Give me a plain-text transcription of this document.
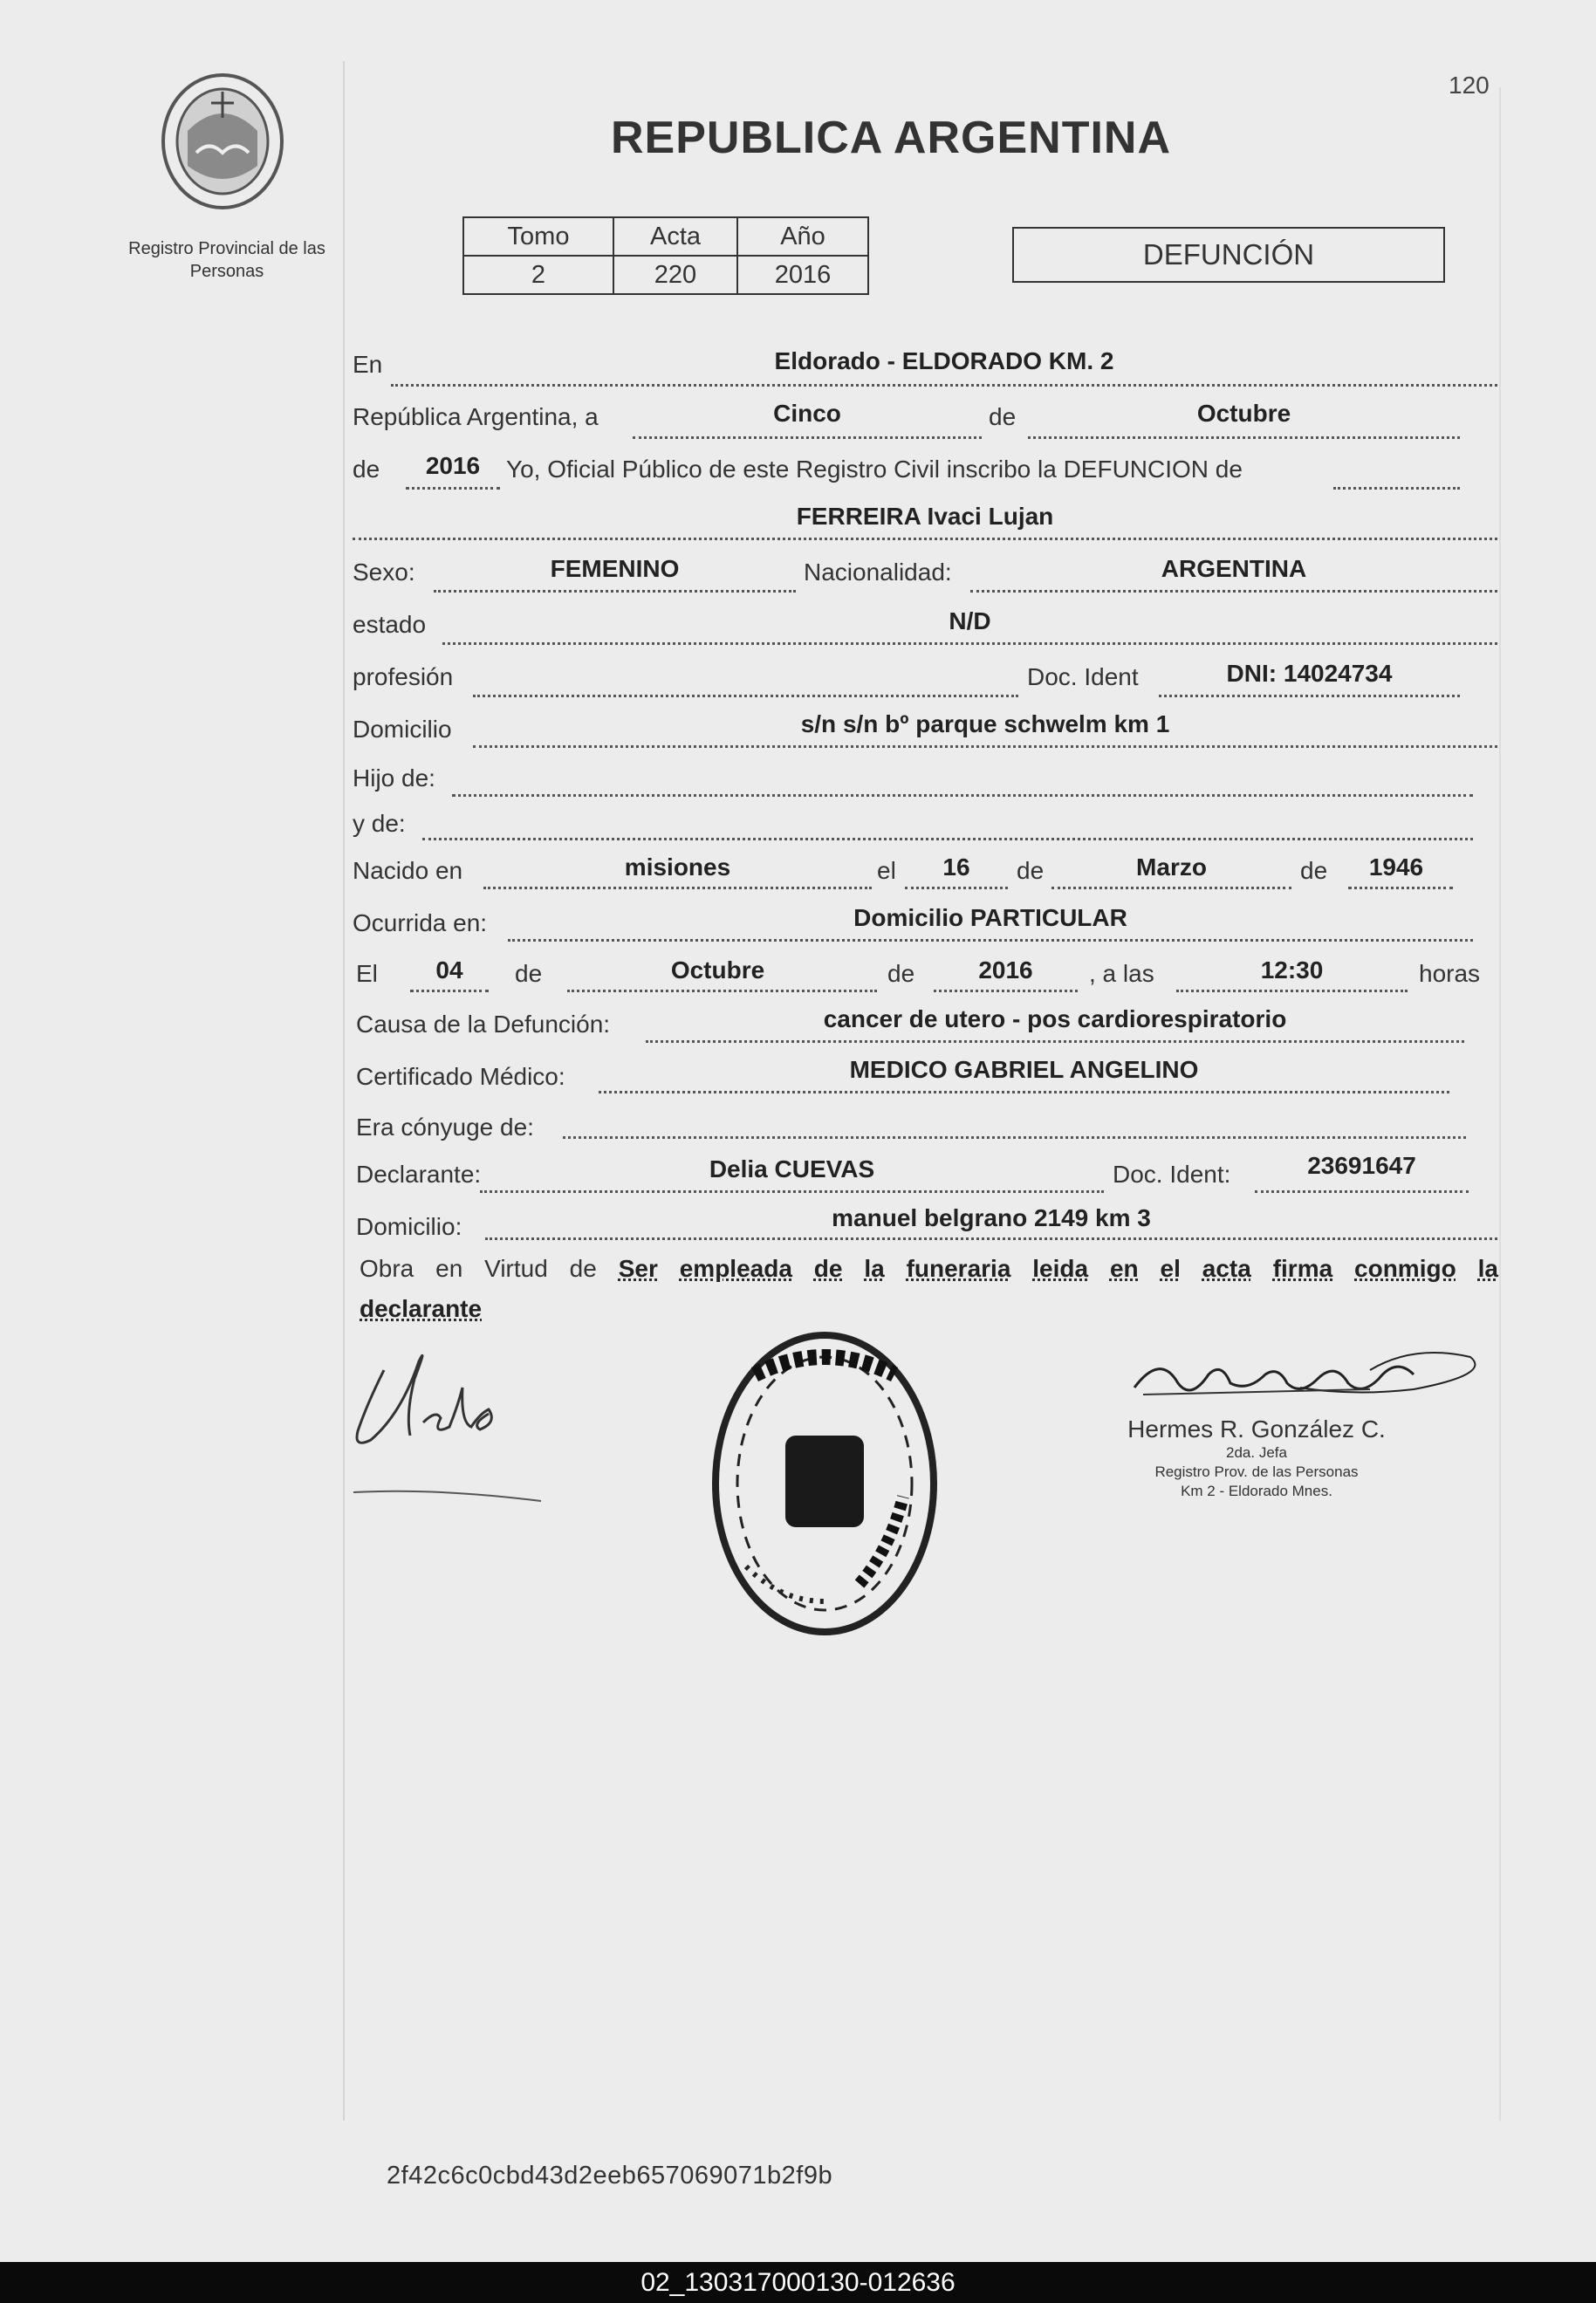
Registro Provincial de las Personas
120
REPUBLICA ARGENTINA
Tomo	Acta	Año
2	220	2016
DEFUNCIÓN
En	Eldorado - ELDORADO KM. 2
República Argentina, a	Cinco	de	Octubre
de	2016	Yo, Oficial Público de este Registro Civil inscribo la DEFUNCION de
FERREIRA Ivaci Lujan
Sexo:	FEMENINO	Nacionalidad:	ARGENTINA
estado	N/D
profesión	Doc. Ident	DNI: 14024734
Domicilio	s/n s/n bº parque schwelm km 1
Hijo de:
y de:
Nacido en	misiones	el	16	de	Marzo	de	1946
Ocurrida en:	Domicilio PARTICULAR
El	04	de	Octubre	de	2016	, a las	12:30	horas
Causa de la Defunción:	cancer de utero - pos cardiorespiratorio
Certificado Médico:	MEDICO GABRIEL ANGELINO
Era cónyuge de:
Declarante:	Delia CUEVAS	Doc. Ident:	23691647
Domicilio:	manuel belgrano 2149 km 3
Obra en Virtud de Ser empleada de la funeraria leida en el acta firma conmigo la
declarante
Hermes R. González C.
2da. Jefa
Registro Prov. de las Personas
Km 2 - Eldorado Mnes.
2f42c6c0cbd43d2eeb657069071b2f9b
02_130317000130-012636
